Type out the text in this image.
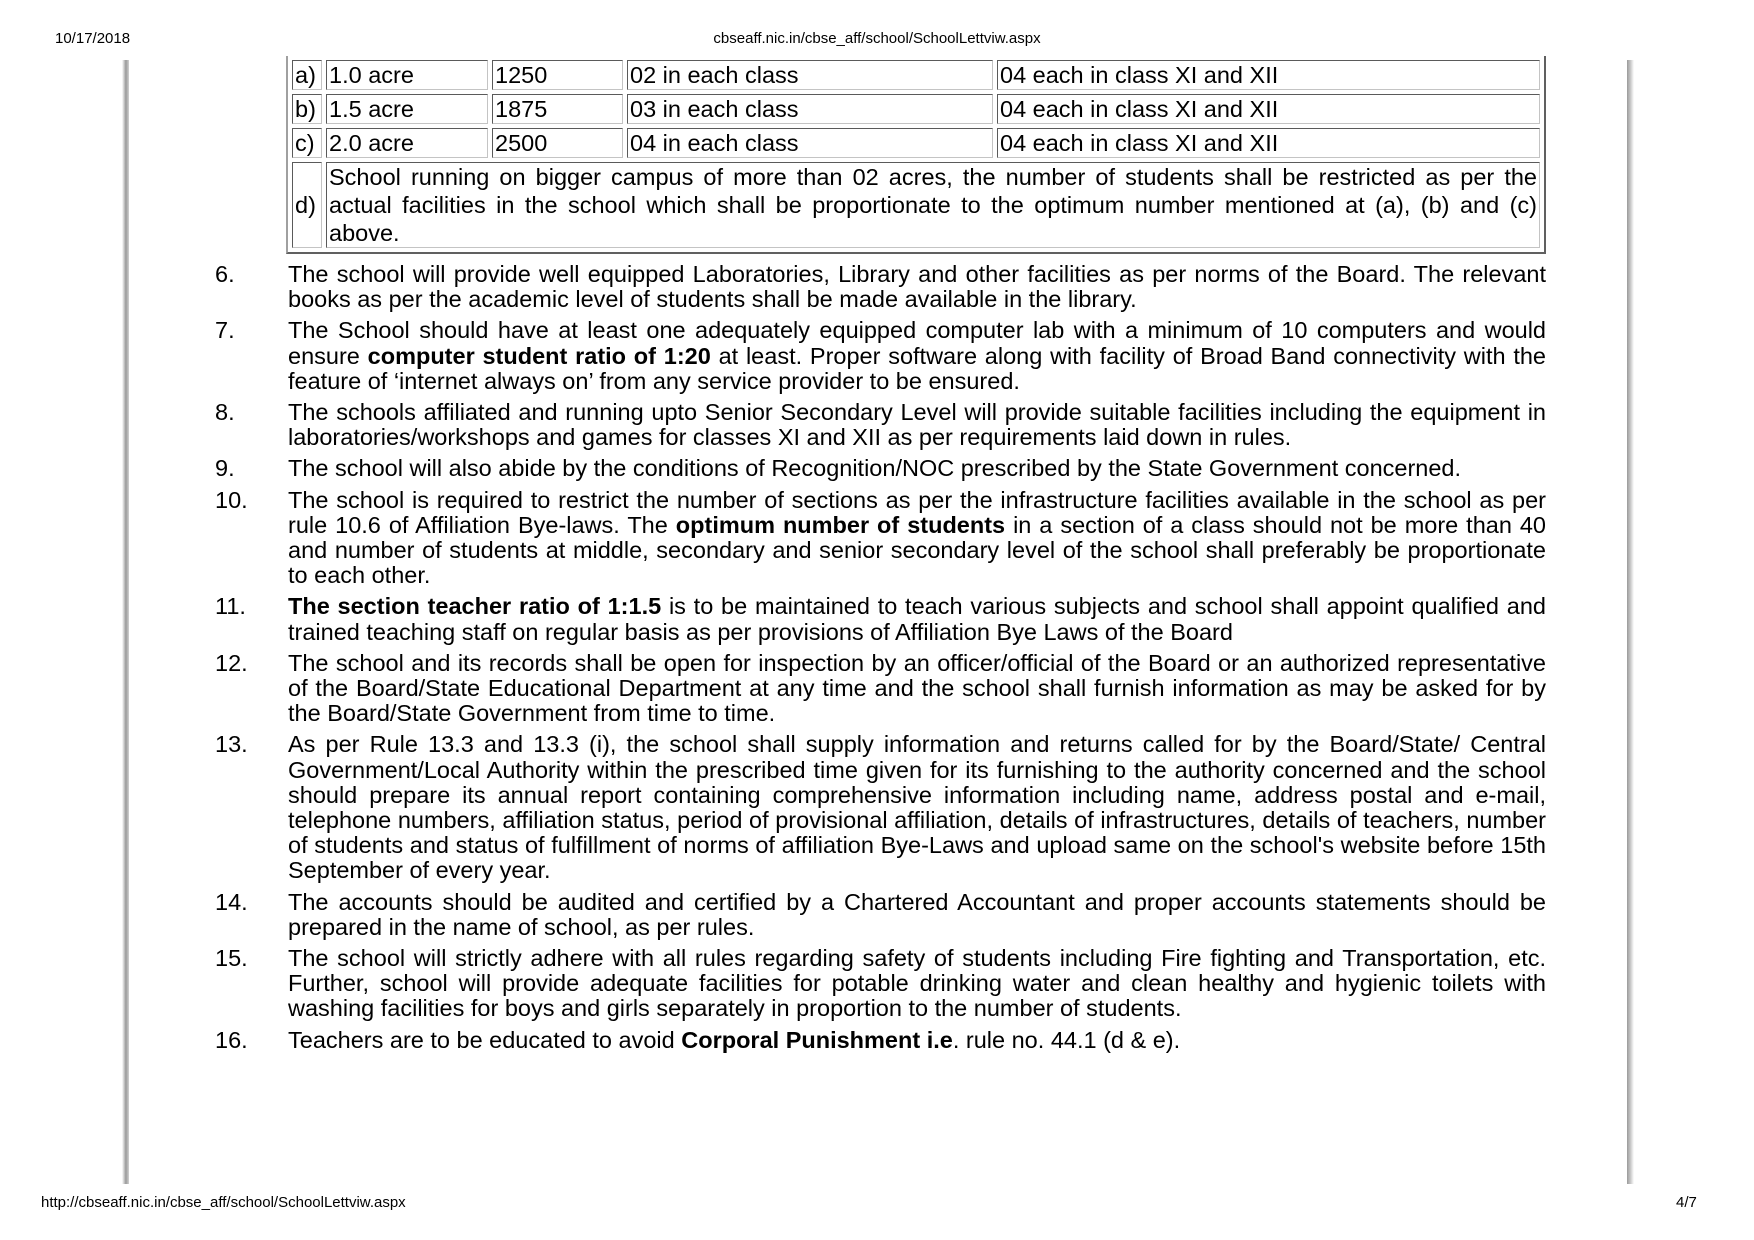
10/17/2018	cbseaff.nic.in/cbse_aff/school/SchoolLettviw.aspx
a)	1.0 acre	1250	02 in each class	04 each in class XI and XII
b)	1.5 acre	1875	03 in each class	04 each in class XI and XII
c)	2.0 acre	2500	04 in each class	04 each in class XI and XII
d)	School running on bigger campus of more than 02 acres, the number of students shall be restricted as per the actual facilities in the school which shall be proportionate to the optimum number mentioned at (a), (b) and (c) above.			
6. The school will provide well equipped Laboratories, Library and other facilities as per norms of the Board. The relevant books as per the academic level of students shall be made available in the library.
7. The School should have at least one adequately equipped computer lab with a minimum of 10 computers and would ensure computer student ratio of 1:20 at least. Proper software along with facility of Broad Band connectivity with the feature of ‘internet always on’ from any service provider to be ensured.
8. The schools affiliated and running upto Senior Secondary Level will provide suitable facilities including the equipment in laboratories/workshops and games for classes XI and XII as per requirements laid down in rules.
9. The school will also abide by the conditions of Recognition/NOC prescribed by the State Government concerned.
10. The school is required to restrict the number of sections as per the infrastructure facilities available in the school as per rule 10.6 of Affiliation Bye-laws. The optimum number of students in a section of a class should not be more than 40 and number of students at middle, secondary and senior secondary level of the school shall preferably be proportionate to each other.
11. The section teacher ratio of 1:1.5 is to be maintained to teach various subjects and school shall appoint qualified and trained teaching staff on regular basis as per provisions of Affiliation Bye Laws of the Board
12. The school and its records shall be open for inspection by an officer/official of the Board or an authorized representative of the Board/State Educational Department at any time and the school shall furnish information as may be asked for by the Board/State Government from time to time.
13. As per Rule 13.3 and 13.3 (i), the school shall supply information and returns called for by the Board/State/ Central Government/Local Authority within the prescribed time given for its furnishing to the authority concerned and the school should prepare its annual report containing comprehensive information including name, address postal and e-mail, telephone numbers, affiliation status, period of provisional affiliation, details of infrastructures, details of teachers, number of students and status of fulfillment of norms of affiliation Bye-Laws and upload same on the school's website before 15th September of every year.
14. The accounts should be audited and certified by a Chartered Accountant and proper accounts statements should be prepared in the name of school, as per rules.
15. The school will strictly adhere with all rules regarding safety of students including Fire fighting and Transportation, etc. Further, school will provide adequate facilities for potable drinking water and clean healthy and hygienic toilets with washing facilities for boys and girls separately in proportion to the number of students.
16. Teachers are to be educated to avoid Corporal Punishment i.e. rule no. 44.1 (d & e).
http://cbseaff.nic.in/cbse_aff/school/SchoolLettviw.aspx	4/7
